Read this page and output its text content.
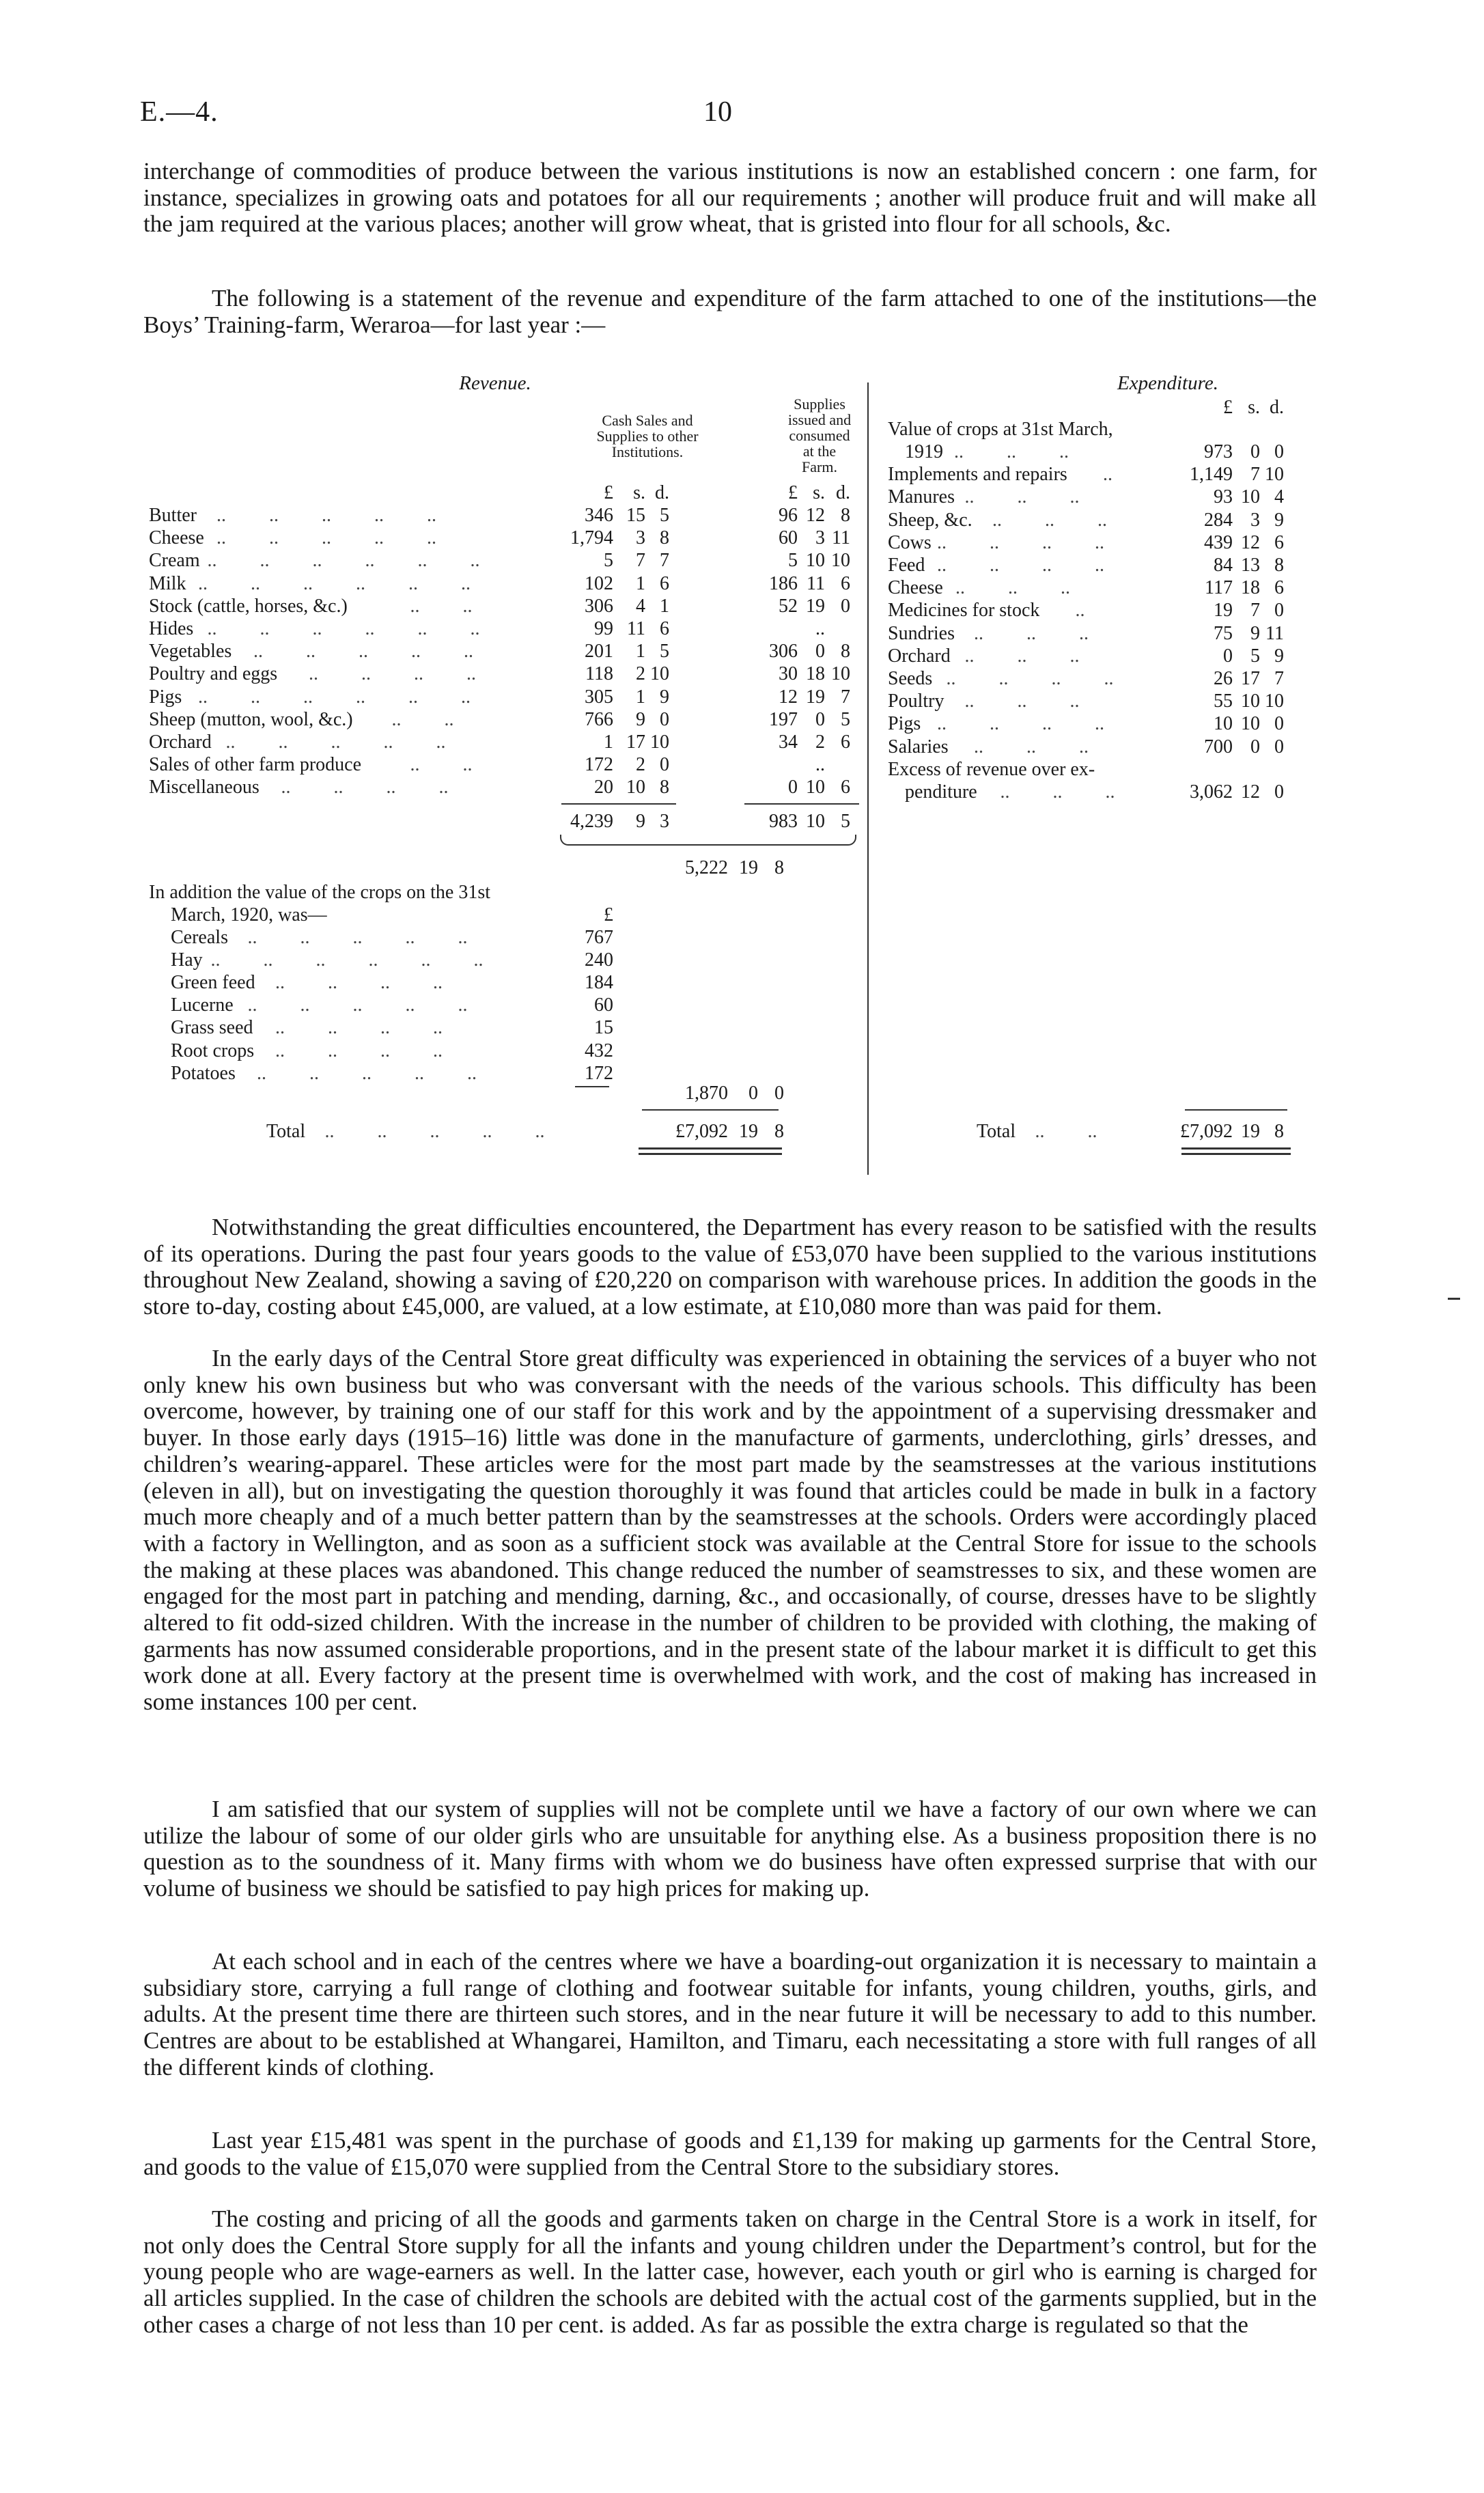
E.—4.	10

interchange of commodities of produce between the various institutions is now an established concern : one farm, for instance, specializes in growing oats and potatoes for all our requirements ; another will produce fruit and will make all the jam required at the various places; another will grow wheat, that is gristed into flour for all schools, &c.

The following is a statement of the revenue and expenditure of the farm attached to one of the institutions—the Boys’ Training-farm, Weraroa—for last year :—

Revenue.	Expenditure.
Cash Sales and
Supplies to other
Institutions.
Supplies
issued and
consumed
at the
Farm.
£	s. d.	£ s. d.
Butter ..   ..   ..   ..   ..	346 15 5	96 12 8
Cheese ..   ..   ..   ..   ..	1,794	3 8	60 3 11
Cream ..   ..   ..   ..   ..   ..	5	7 7	5 10 10
Milk ..   ..   ..   ..   ..   ..	102	1 6	186 11 6
Stock (cattle, horses, &c.)	..   ..	306	4 1	52 19 0
Hides ..   ..   ..   ..   ..   ..	99 11 6	..
Vegetables ..   ..   ..   ..   ..	201	1 5	306 0 8
Poultry and eggs ..   ..   ..   ..	118	2 10	30 18 10
Pigs ..   ..   ..   ..   ..   ..	305	1 9	12 19 7
Sheep (mutton, wool, &c.) ..   ..	766	9 0	197 0 5
Orchard ..   ..   ..   ..   ..	1 17 10	34 2 6
Sales of other farm produce	..   ..	172	2 0	..
Miscellaneous ..   ..   ..   ..	20 10 8	0 10 6
4,239	9 3	983 10 5
5,222 19 8
In addition the value of the crops on the 31st
March, 1920, was—	£
Cereals ..   ..   ..   ..   ..	767
Hay ..   ..   ..   ..   ..   ..	240
Green feed ..   ..   ..   ..	184
Lucerne ..   ..   ..   ..   ..	60
Grass seed ..   ..   ..   ..	15
Root crops ..   ..   ..   ..	432
Potatoes ..   ..   ..   ..   ..	172
1,870	0 0
Total ..   ..   ..   ..   ..	£7,092 19 8
£ s. d.
Value of crops at 31st March,
1919 ..   ..   ..	973 0 0
Implements and repairs ..	1,149 7 10
Manures ..   ..   ..	93 10 4
Sheep, &c. ..   ..   ..	284 3 9
Cows ..   ..   ..   ..	439 12 6
Feed ..   ..   ..   ..	84 13 8
Cheese ..   ..   ..	117 18 6
Medicines for stock ..	19 7 0
Sundries ..   ..   ..	75 9 11
Orchard ..   ..   ..	0 5 9
Seeds ..   ..   ..   ..	26 17 7
Poultry ..   ..   ..	55 10 10
Pigs ..   ..   ..   ..	10 10 0
Salaries ..   ..   ..	700 0 0
Excess of revenue over ex-
penditure ..   ..   ..	3,062 12 0
Total ..   ..	£7,092 19 8

Notwithstanding the great difficulties encountered, the Department has every reason to be satisfied with the results of its operations. During the past four years goods to the value of £53,070 have been supplied to the various institutions throughout New Zealand, showing a saving of £20,220 on comparison with warehouse prices. In addition the goods in the store to-day, costing about £45,000, are valued, at a low estimate, at £10,080 more than was paid for them.

In the early days of the Central Store great difficulty was experienced in obtaining the services of a buyer who not only knew his own business but who was conversant with the needs of the various schools. This difficulty has been overcome, however, by training one of our staff for this work and by the appointment of a supervising dressmaker and buyer. In those early days (1915–16) little was done in the manufacture of garments, underclothing, girls’ dresses, and children’s wearing-apparel. These articles were for the most part made by the seamstresses at the various institutions (eleven in all), but on investigating the question thoroughly it was found that articles could be made in bulk in a factory much more cheaply and of a much better pattern than by the seamstresses at the schools. Orders were accordingly placed with a factory in Wellington, and as soon as a sufficient stock was available at the Central Store for issue to the schools the making at these places was abandoned. This change reduced the number of seamstresses to six, and these women are engaged for the most part in patching and mending, darning, &c., and occasionally, of course, dresses have to be slightly altered to fit odd-sized children. With the increase in the number of children to be provided with clothing, the making of garments has now assumed considerable proportions, and in the present state of the labour market it is difficult to get this work done at all. Every factory at the present time is overwhelmed with work, and the cost of making has increased in some instances 100 per cent.

I am satisfied that our system of supplies will not be complete until we have a factory of our own where we can utilize the labour of some of our older girls who are unsuitable for anything else. As a business proposition there is no question as to the soundness of it. Many firms with whom we do business have often expressed surprise that with our volume of business we should be satisfied to pay high prices for making up.

At each school and in each of the centres where we have a boarding-out organization it is necessary to maintain a subsidiary store, carrying a full range of clothing and footwear suitable for infants, young children, youths, girls, and adults. At the present time there are thirteen such stores, and in the near future it will be necessary to add to this number. Centres are about to be established at Whangarei, Hamilton, and Timaru, each necessitating a store with full ranges of all the different kinds of clothing.

Last year £15,481 was spent in the purchase of goods and £1,139 for making up garments for the Central Store, and goods to the value of £15,070 were supplied from the Central Store to the subsidiary stores.

The costing and pricing of all the goods and garments taken on charge in the Central Store is a work in itself, for not only does the Central Store supply for all the infants and young children under the Department’s control, but for the young people who are wage-earners as well. In the latter case, however, each youth or girl who is earning is charged for all articles supplied. In the case of children the schools are debited with the actual cost of the garments supplied, but in the other cases a charge of not less than 10 per cent. is added. As far as possible the extra charge is regulated so that the
